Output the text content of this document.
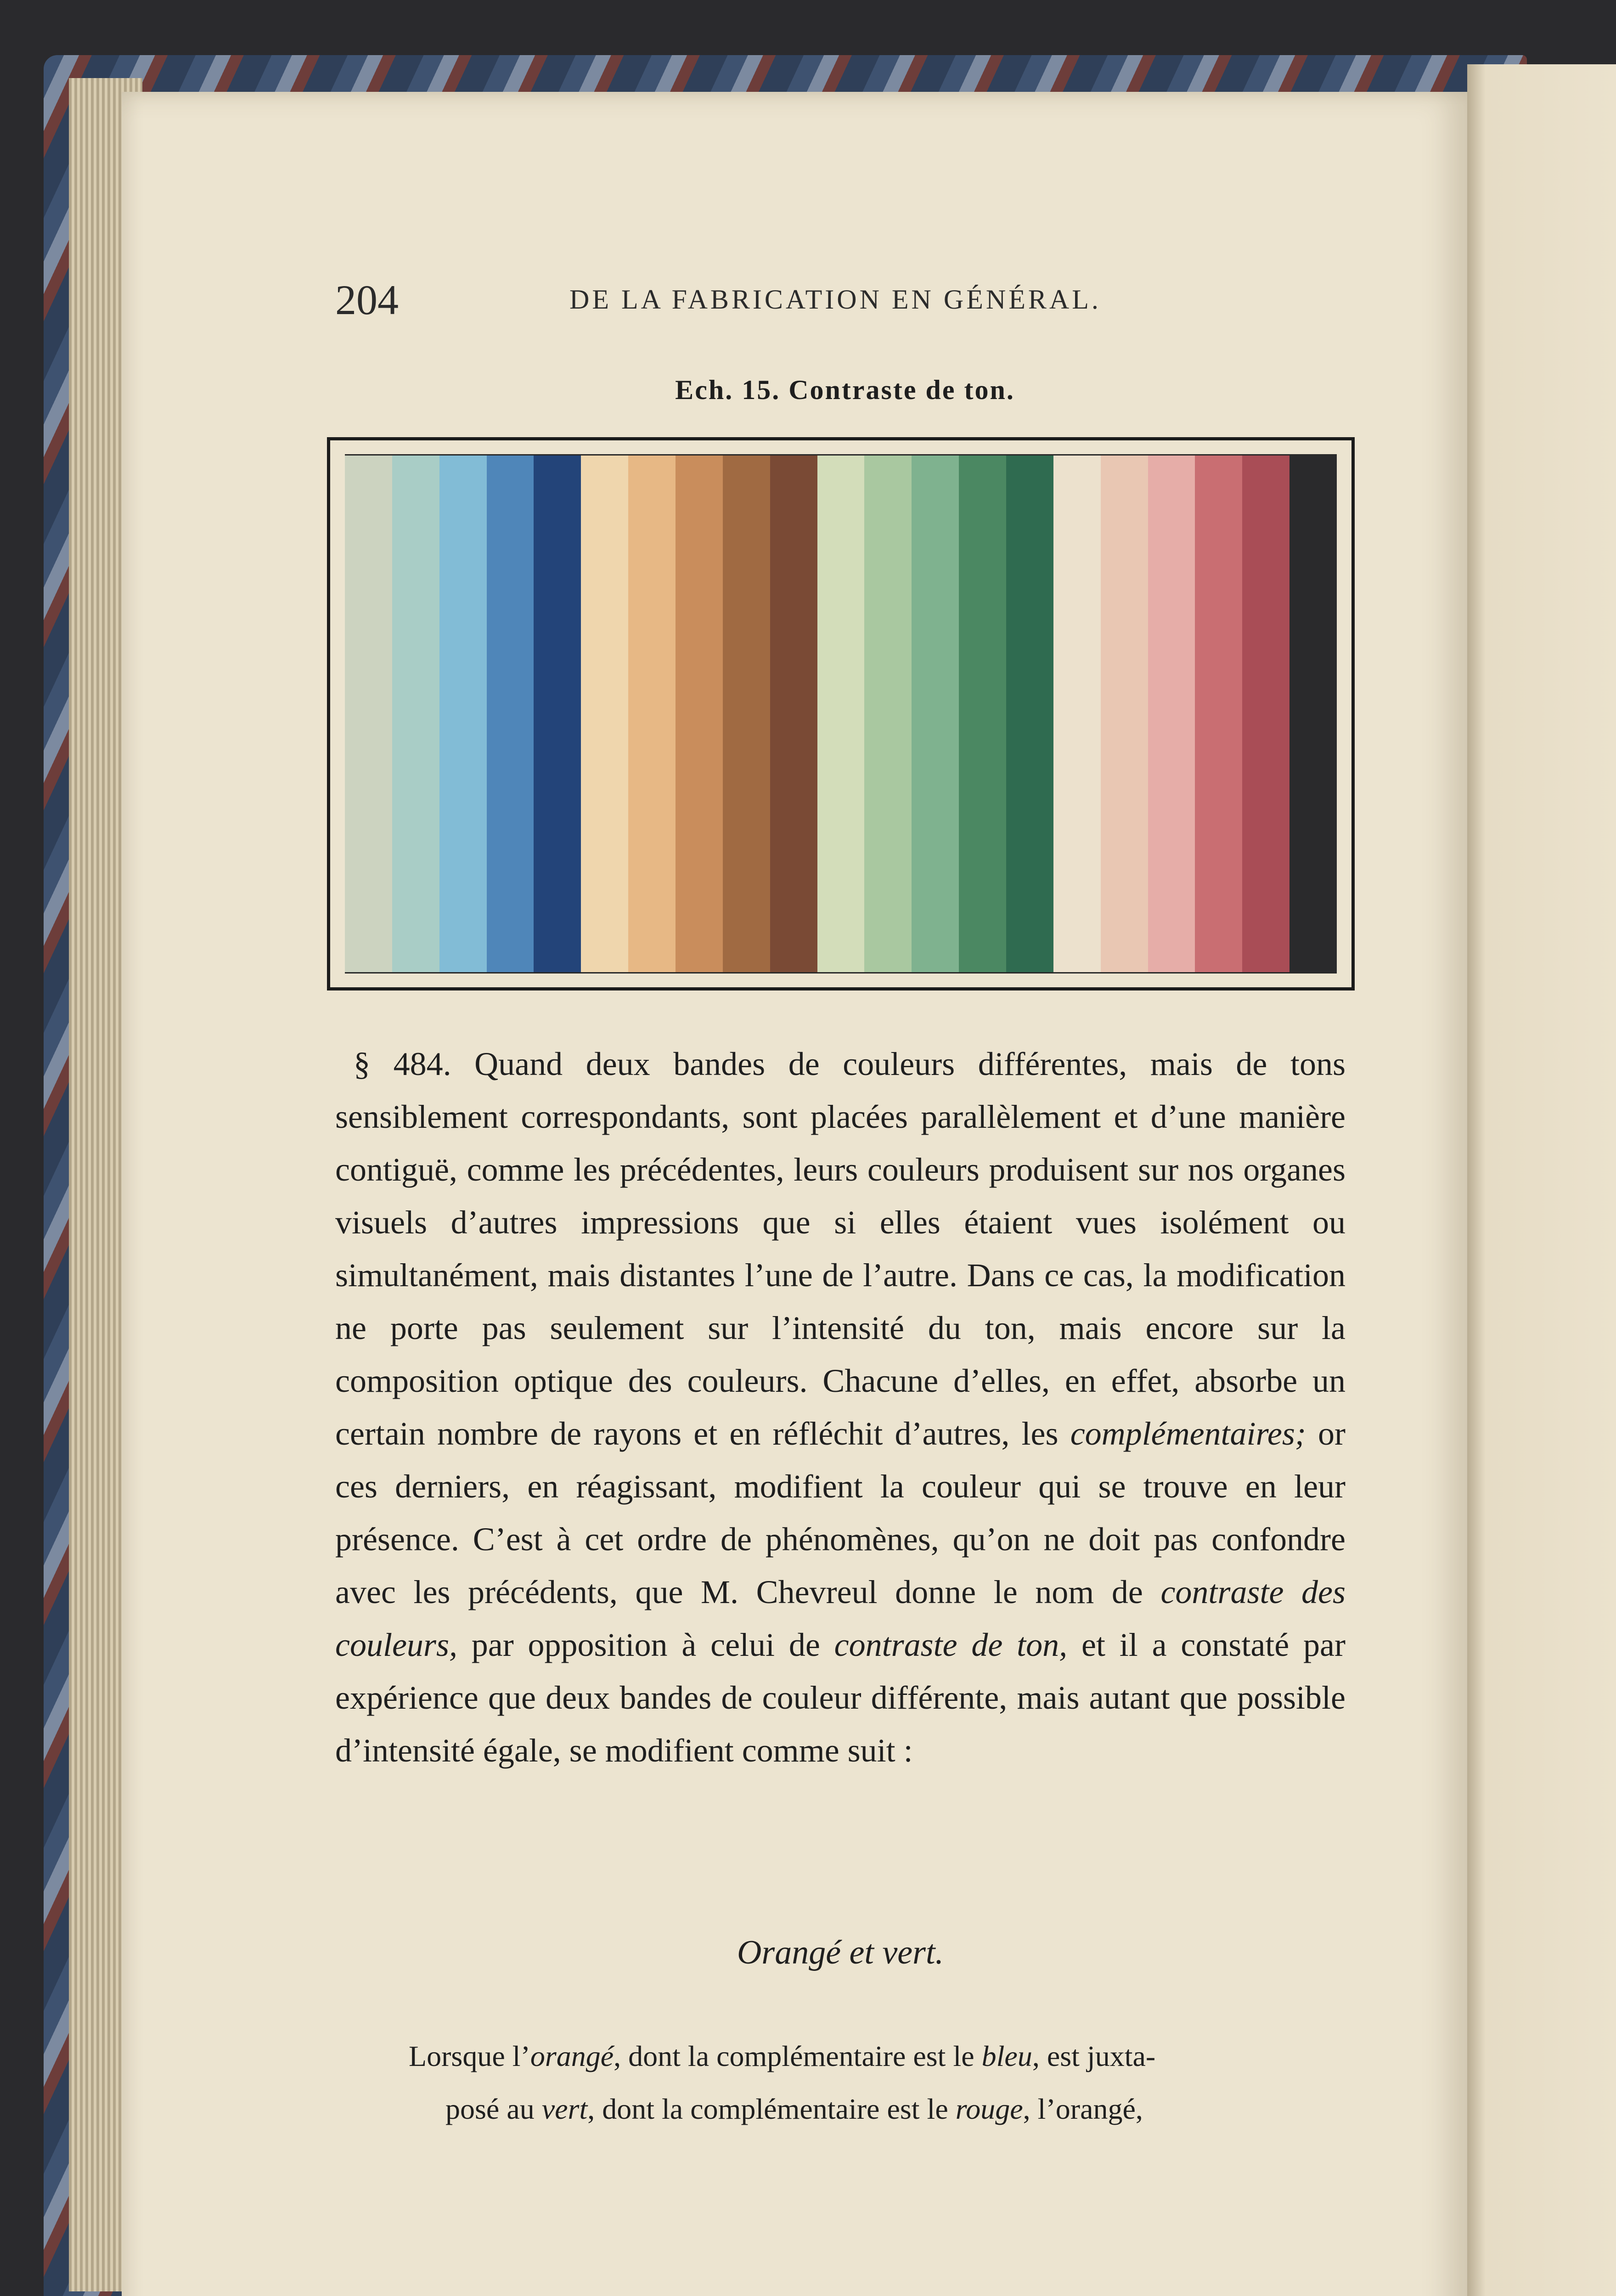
204	DE LA FABRICATION EN GÉNÉRAL.
Ech. 15. Contraste de ton.

§ 484. Quand deux bandes de couleurs différentes, mais de tons sensiblement correspondants, sont placées parallèlement et d’une manière contiguë, comme les précédentes, leurs couleurs produisent sur nos organes visuels d’autres impressions que si elles étaient vues isolément ou simultanément, mais distantes l’une de l’autre. Dans ce cas, la modification ne porte pas seulement sur l’intensité du ton, mais encore sur la composition optique des couleurs. Chacune d’elles, en effet, absorbe un certain nombre de rayons et en réfléchit d’autres, les complémentaires; or ces derniers, en réagissant, modifient la couleur qui se trouve en leur présence. C’est à cet ordre de phénomènes, qu’on ne doit pas confondre avec les précédents, que M. Chevreul donne le nom de contraste des couleurs, par opposition à celui de contraste de ton, et il a constaté par expérience que deux bandes de couleur différente, mais autant que possible d’intensité égale, se modifient comme suit :

Orangé et vert.

Lorsque l’orangé, dont la complémentaire est le bleu, est juxta-

posé au vert, dont la complémentaire est le rouge, l’orangé,
